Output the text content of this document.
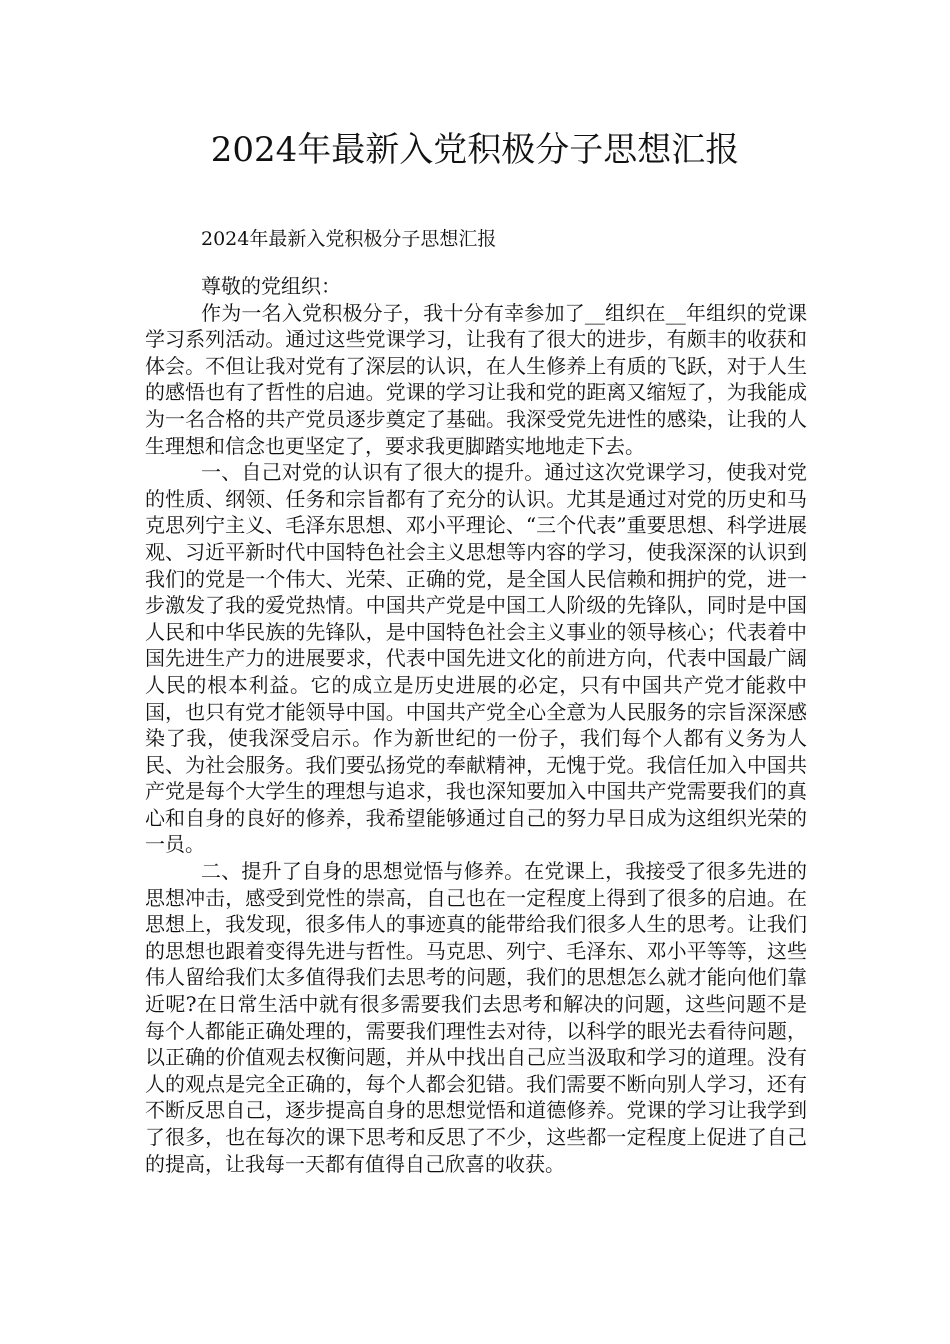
2024年最新入党积极分子思想汇报
2024年最新入党积极分子思想汇报

尊敬的党组织：

作为一名入党积极分子，我十分有幸参加了__组织在__年组织的党课学习系列活动。通过这些党课学习，让我有了很大的进步，有颇丰的收获和体会。不但让我对党有了深层的认识，在人生修养上有质的飞跃，对于人生的感悟也有了哲性的启迪。党课的学习让我和党的距离又缩短了，为我能成为一名合格的共产党员逐步奠定了基础。我深受党先进性的感染，让我的人生理想和信念也更坚定了，要求我更脚踏实地地走下去。

一、自己对党的认识有了很大的提升。通过这次党课学习，使我对党的性质、纲领、任务和宗旨都有了充分的认识。尤其是通过对党的历史和马克思列宁主义、毛泽东思想、邓小平理论、“三个代表”重要思想、科学进展观、习近平新时代中国特色社会主义思想等内容的学习，使我深深的认识到我们的党是一个伟大、光荣、正确的党，是全国人民信赖和拥护的党，进一步激发了我的爱党热情。中国共产党是中国工人阶级的先锋队，同时是中国人民和中华民族的先锋队，是中国特色社会主义事业的领导核心；代表着中国先进生产力的进展要求，代表中国先进文化的前进方向，代表中国最广阔人民的根本利益。它的成立是历史进展的必定，只有中国共产党才能救中国，也只有党才能领导中国。中国共产党全心全意为人民服务的宗旨深深感染了我，使我深受启示。作为新世纪的一份子，我们每个人都有义务为人民、为社会服务。我们要弘扬党的奉献精神，无愧于党。我信任加入中国共产党是每个大学生的理想与追求，我也深知要加入中国共产党需要我们的真心和自身的良好的修养，我希望能够通过自己的努力早日成为这组织光荣的一员。

二、提升了自身的思想觉悟与修养。在党课上，我接受了很多先进的思想冲击，感受到党性的崇高，自己也在一定程度上得到了很多的启迪。在思想上，我发现，很多伟人的事迹真的能带给我们很多人生的思考。让我们的思想也跟着变得先进与哲性。马克思、列宁、毛泽东、邓小平等等，这些伟人留给我们太多值得我们去思考的问题，我们的思想怎么就才能向他们靠近呢?在日常生活中就有很多需要我们去思考和解决的问题，这些问题不是每个人都能正确处理的，需要我们理性去对待，以科学的眼光去看待问题，以正确的价值观去权衡问题，并从中找出自己应当汲取和学习的道理。没有人的观点是完全正确的，每个人都会犯错。我们需要不断向别人学习，还有不断反思自己，逐步提高自身的思想觉悟和道德修养。党课的学习让我学到了很多，也在每次的课下思考和反思了不少，这些都一定程度上促进了自己的提高，让我每一天都有值得自己欣喜的收获。
